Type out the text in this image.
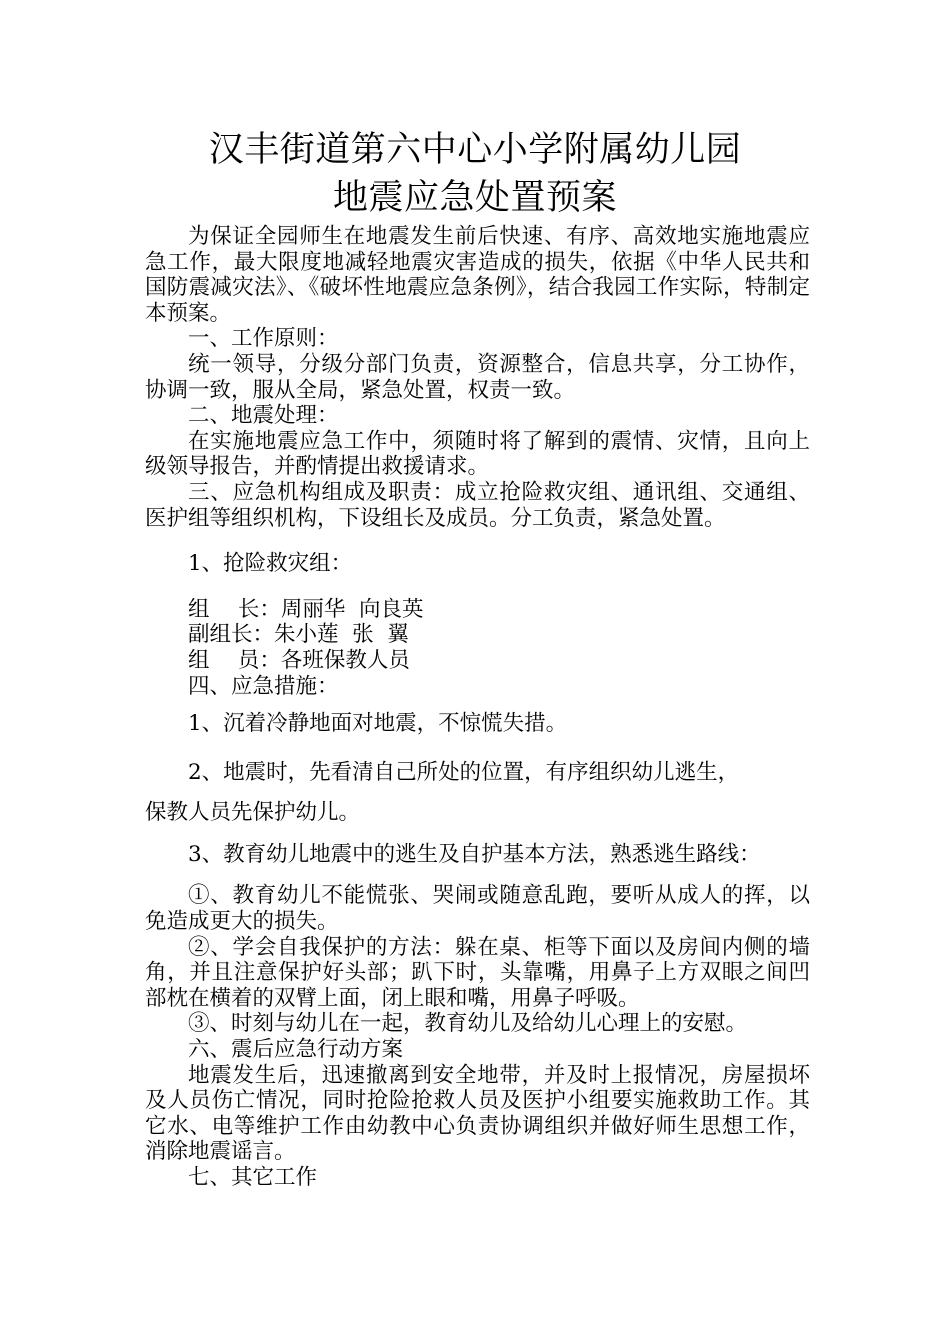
汉丰街道第六中心小学附属幼儿园
地震应急处置预案

为保证全园师生在地震发生前后快速、有序、高效地实施地震应急工作，最大限度地减轻地震灾害造成的损失，依据《中华人民共和国防震减灾法》、《破坏性地震应急条例》，结合我园工作实际，特制定本预案。

一、工作原则：

统一领导，分级分部门负责，资源整合，信息共享，分工协作，协调一致，服从全局，紧急处置，权责一致。

二、地震处理：

在实施地震应急工作中，须随时将了解到的震情、灾情，且向上级领导报告，并酌情提出救援请求。

三、应急机构组成及职责：成立抢险救灾组、通讯组、交通组、医护组等组织机构，下设组长及成员。分工负责，紧急处置。

1、抢险救灾组：

组　 长：周丽华  向良英

副组长：朱小莲  张  翼

组　 员：各班保教人员

四、应急措施：

1、沉着冷静地面对地震，不惊慌失措。

2、地震时，先看清自己所处的位置，有序组织幼儿逃生，

保教人员先保护幼儿。

3、教育幼儿地震中的逃生及自护基本方法，熟悉逃生路线：

①、教育幼儿不能慌张、哭闹或随意乱跑，要听从成人的挥，以免造成更大的损失。

②、学会自我保护的方法：躲在桌、柜等下面以及房间内侧的墙角，并且注意保护好头部；趴下时，头靠嘴，用鼻子上方双眼之间凹部枕在横着的双臂上面，闭上眼和嘴，用鼻子呼吸。

③、时刻与幼儿在一起，教育幼儿及给幼儿心理上的安慰。

六、震后应急行动方案

地震发生后，迅速撤离到安全地带，并及时上报情况，房屋损坏及人员伤亡情况，同时抢险抢救人员及医护小组要实施救助工作。其它水、电等维护工作由幼教中心负责协调组织并做好师生思想工作，消除地震谣言。

七、其它工作
